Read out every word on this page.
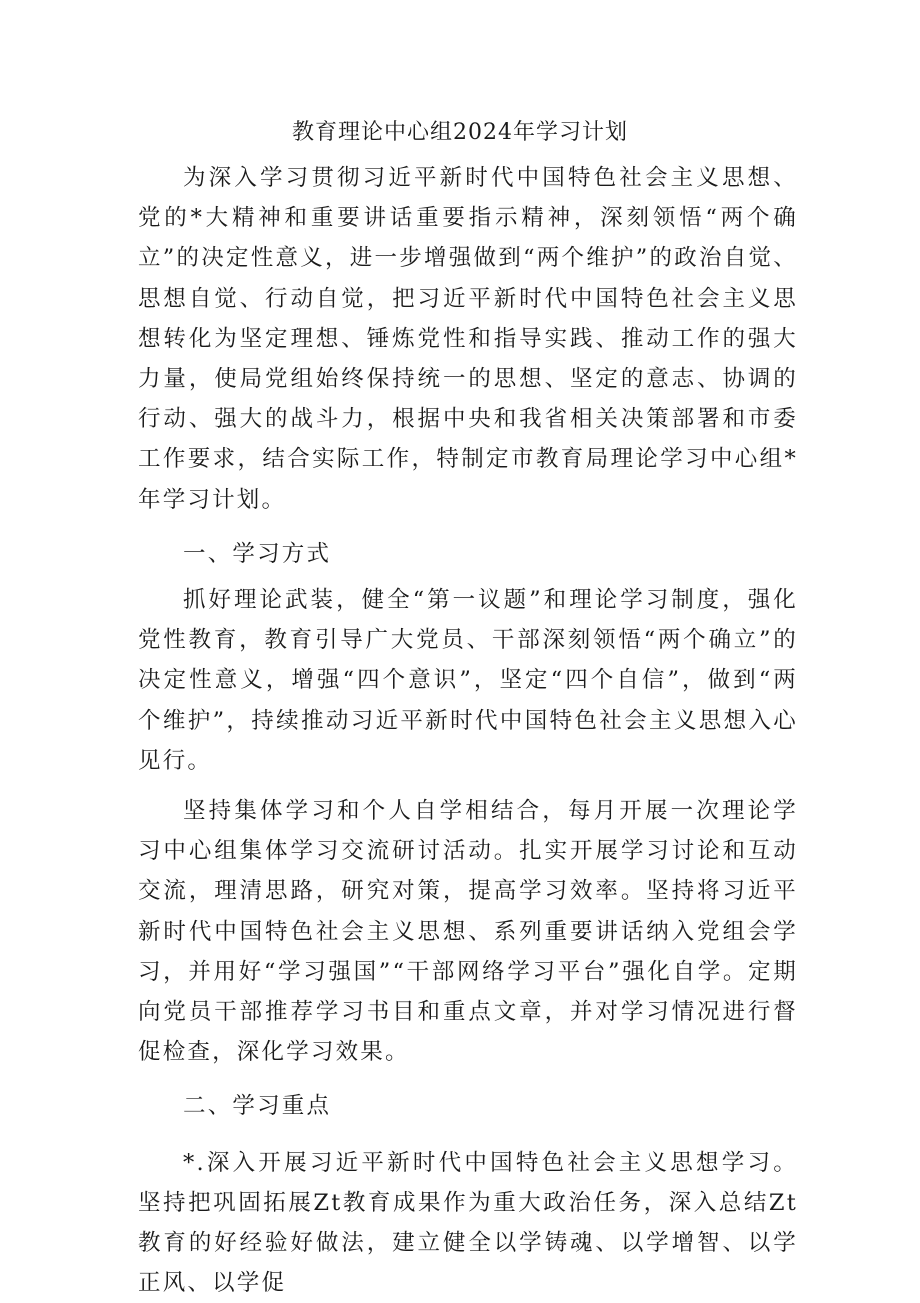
教育理论中心组2024年学习计划

为深入学习贯彻习近平新时代中国特色社会主义思想、党的*大精神和重要讲话重要指示精神，深刻领悟“两个确立”的决定性意义，进一步增强做到“两个维护”的政治自觉、思想自觉、行动自觉，把习近平新时代中国特色社会主义思想转化为坚定理想、锤炼党性和指导实践、推动工作的强大力量，使局党组始终保持统一的思想、坚定的意志、协调的行动、强大的战斗力，根据中央和我省相关决策部署和市委工作要求，结合实际工作，特制定市教育局理论学习中心组*年学习计划。

一、学习方式

抓好理论武装，健全“第一议题”和理论学习制度，强化党性教育，教育引导广大党员、干部深刻领悟“两个确立”的决定性意义，增强“四个意识”，坚定“四个自信”，做到“两个维护”，持续推动习近平新时代中国特色社会主义思想入心见行。

坚持集体学习和个人自学相结合，每月开展一次理论学习中心组集体学习交流研讨活动。扎实开展学习讨论和互动交流，理清思路，研究对策，提高学习效率。坚持将习近平新时代中国特色社会主义思想、系列重要讲话纳入党组会学习，并用好“学习强国”“干部网络学习平台”强化自学。定期向党员干部推荐学习书目和重点文章，并对学习情况进行督促检查，深化学习效果。

二、学习重点

*.深入开展习近平新时代中国特色社会主义思想学习。坚持把巩固拓展Zt教育成果作为重大政治任务，深入总结Zt教育的好经验好做法，建立健全以学铸魂、以学增智、以学正风、以学促
